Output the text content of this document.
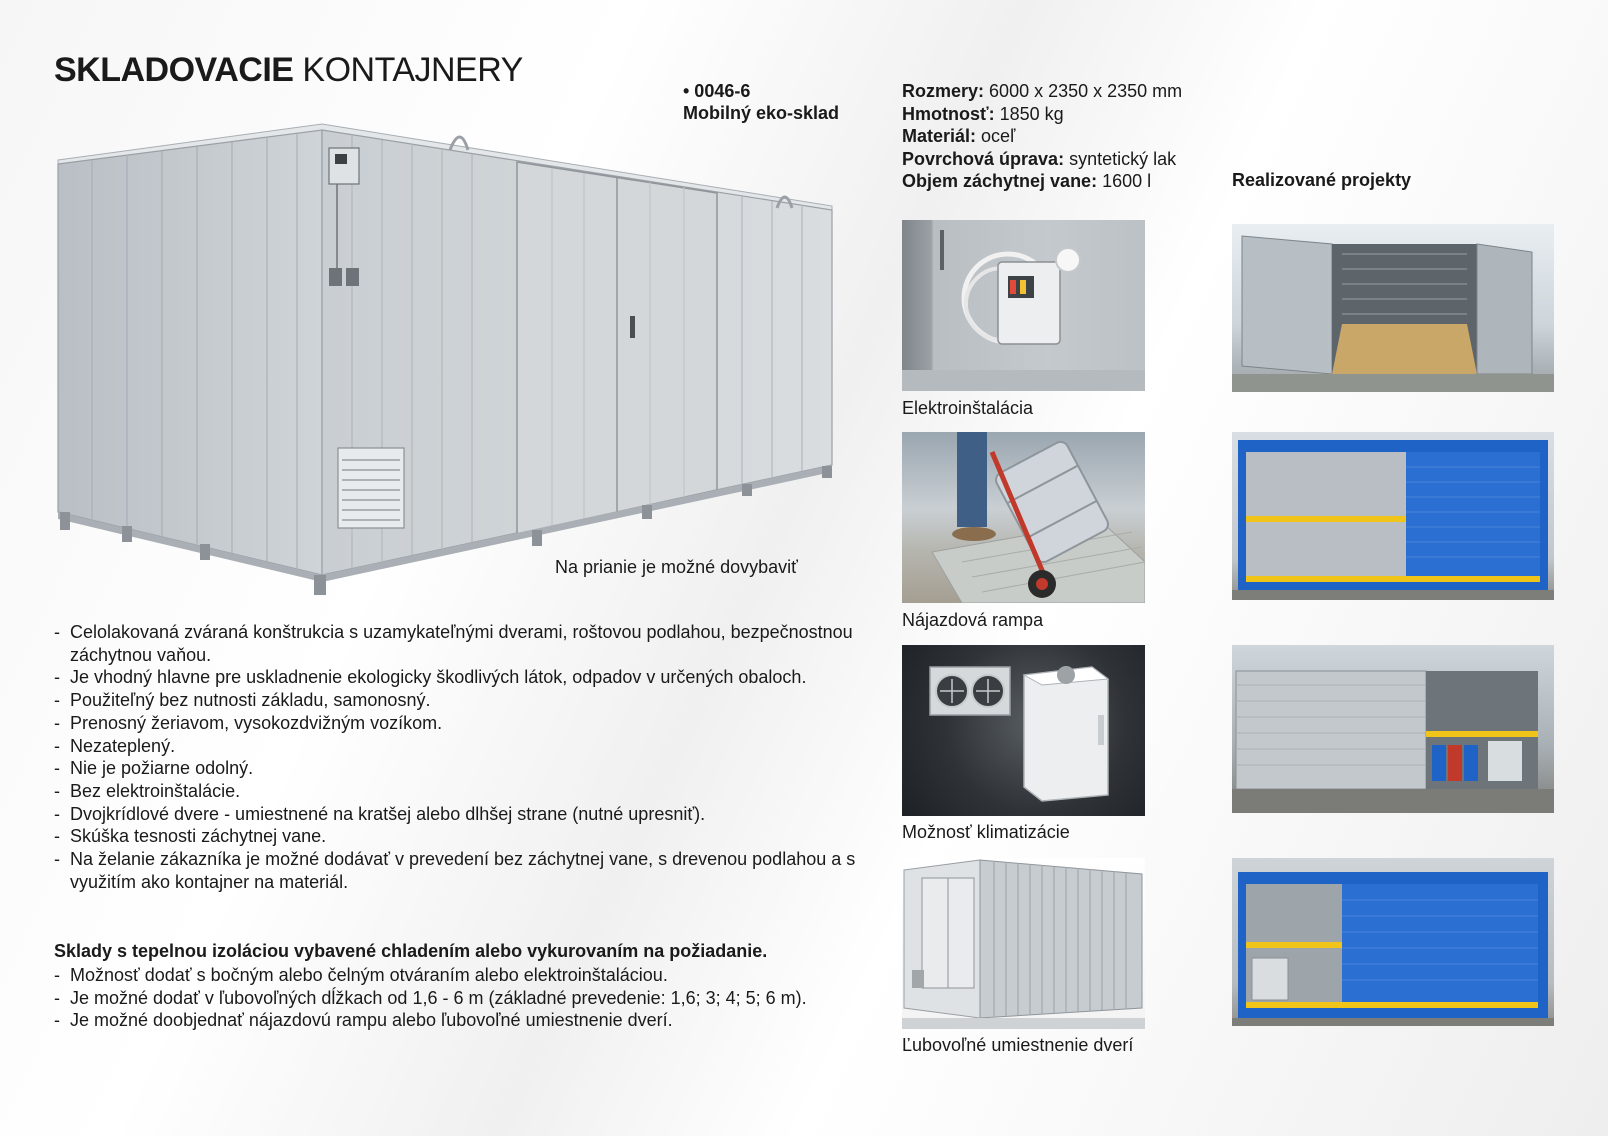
SKLADOVACIE KONTAJNERY
• 0046-6
Mobilný eko-sklad
Rozmery: 6000 x 2350 x 2350 mm
Hmotnosť: 1850 kg
Materiál: oceľ
Povrchová úprava: syntetický lak
Objem záchytnej vane: 1600 l	Realizované projekty
Na prianie je možné dovybaviť
- Celolakovaná zváraná konštrukcia s uzamykateľnými dverami, roštovou podlahou, bezpečnostnou záchytnou vaňou.
- Je vhodný hlavne pre uskladnenie ekologicky škodlivých látok, odpadov v určených obaloch.
- Použiteľný bez nutnosti základu, samonosný.
- Prenosný žeriavom, vysokozdvižným vozíkom.
- Nezateplený.
- Nie je požiarne odolný.
- Bez elektroinštalácie.
- Dvojkrídlové dvere - umiestnené na kratšej alebo dlhšej strane (nutné upresniť).
- Skúška tesnosti záchytnej vane.
- Na želanie zákazníka je možné dodávať v prevedení bez záchytnej vane, s drevenou podlahou a s využitím ako kontajner na materiál.
Sklady s tepelnou izoláciou vybavené chladením alebo vykurovaním na požiadanie.
- Možnosť dodať s bočným alebo čelným otváraním alebo elektroinštaláciou.
- Je možné dodať v ľubovoľných dĺžkach od 1,6 - 6 m (základné prevedenie: 1,6; 3; 4; 5; 6 m).
- Je možné doobjednať nájazdovú rampu alebo ľubovoľné umiestnenie dverí.
Elektroinštalácia
Nájazdová rampa
Možnosť klimatizácie
Ľubovoľné umiestnenie dverí
